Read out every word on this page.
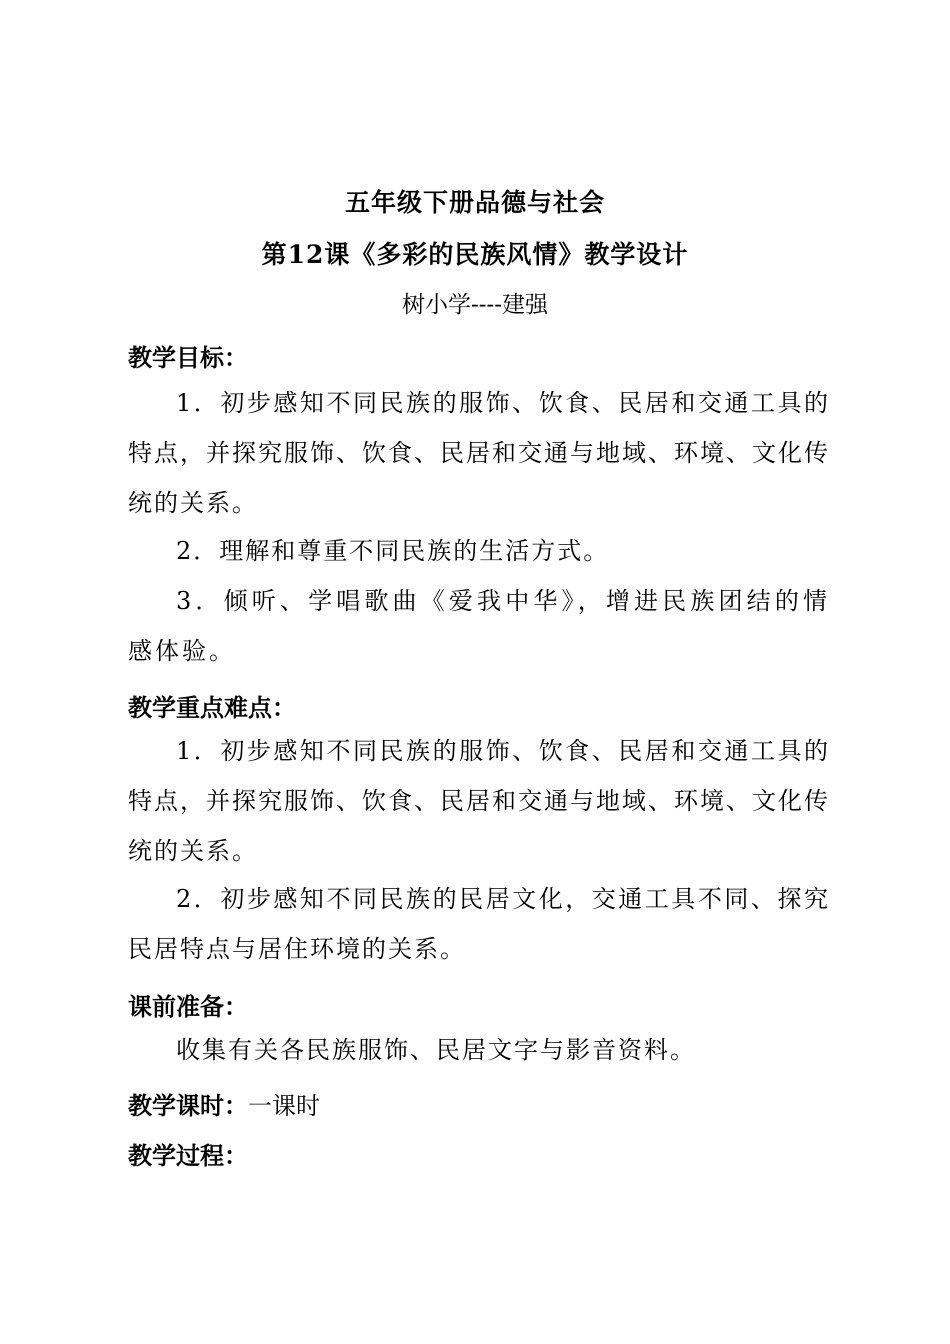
五年级下册品德与社会
第12课《多彩的民族风情》教学设计
树小学----建强
教学目标：
1．初步感知不同民族的服饰、饮食、民居和交通工具的特点，并探究服饰、饮食、民居和交通与地域、环境、文化传统的关系。
2．理解和尊重不同民族的生活方式。
3．倾听、学唱歌曲《爱我中华》，增进民族团结的情感体验。
教学重点难点：
1．初步感知不同民族的服饰、饮食、民居和交通工具的特点，并探究服饰、饮食、民居和交通与地域、环境、文化传统的关系。
2．初步感知不同民族的民居文化，交通工具不同、探究民居特点与居住环境的关系。
课前准备：
收集有关各民族服饰、民居文字与影音资料。
教学课时：一课时
教学过程：
